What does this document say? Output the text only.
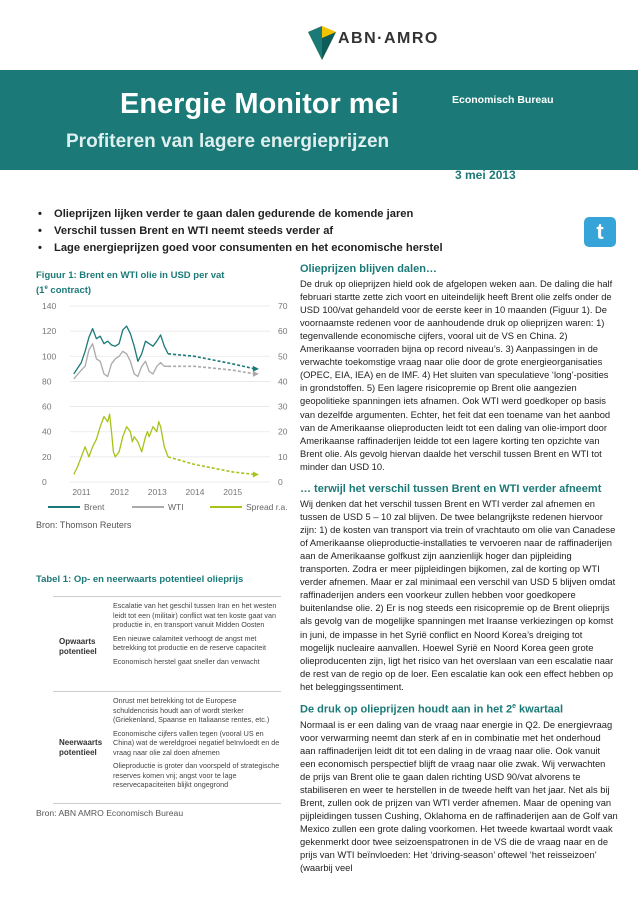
ABN·AMRO
Energie Monitor mei
Profiteren van lagere energieprijzen
Economisch Bureau
3 mei 2013
• Olieprijzen lijken verder te gaan dalen gedurende de komende jaren
• Verschil tussen Brent en WTI neemt steeds verder af
• Lage energieprijzen goed voor consumenten en het economische herstel
t
Figuur 1: Brent en WTI olie in USD per vat
(1e contract)
0	0
20	10
40	20
60	30
80	40
100	50
120	60
140	70
2011 2012 2013 2014 2015
Brent	WTI	Spread r.a.
Bron: Thomson Reuters
Tabel 1: Op- en neerwaarts potentieel olieprijs
Opwaarts
potentieel

Escalatie van het geschil tussen Iran en het westen leidt tot een (militair) conflict wat ten koste gaat van productie in, en transport vanuit Midden Oosten

Een nieuwe calamiteit verhoogt de angst met betrekking tot productie en de reserve capaciteit

Economisch herstel gaat sneller dan verwacht

Neerwaarts
potentieel

Onrust met betrekking tot de Europese schuldencrisis houdt aan of wordt sterker (Griekenland, Spaanse en Italiaanse rentes, etc.)

Economische cijfers vallen tegen (vooral US en China) wat de wereldgroei negatief beïnvloedt en de vraag naar olie zal doen afnemen

Olieproductie is groter dan voorspeld of strategische reserves komen vrij; angst voor te lage reservecapaciteiten blijkt ongegrond

Bron: ABN AMRO Economisch Bureau
Olieprijzen blijven dalen…
De druk op olieprijzen hield ook de afgelopen weken aan. De daling die half februari startte zette zich voort en uiteindelijk heeft Brent olie zelfs onder de USD 100/vat gehandeld voor de eerste keer in 10 maanden (Figuur 1). De voornaamste redenen voor de aanhoudende druk op olieprijzen waren: 1) tegenvallende economische cijfers, vooral uit de VS en China. 2) Amerikaanse voorraden bijna op record niveau’s. 3) Aanpassingen in de verwachte toekomstige vraag naar olie door de grote energieorganisaties (OPEC, EIA, IEA) en de IMF. 4) Het sluiten van speculatieve ‘long’-posities in grondstoffen. 5) Een lagere risicopremie op Brent olie aangezien geopolitieke spanningen iets afnamen. Ook WTI werd goedkoper op basis van dezelfde argumenten. Echter, het feit dat een toename van het aanbod van de Amerikaanse olieproducten leidt tot een daling van olie-import door Amerikaanse raffinaderijen leidde tot een lagere korting ten opzichte van Brent olie. Als gevolg hiervan daalde het verschil tussen Brent en WTI tot minder dan USD 10.
… terwijl het verschil tussen Brent en WTI verder afneemt
Wij denken dat het verschil tussen Brent en WTI verder zal afnemen en tussen de USD 5 – 10 zal blijven. De twee belangrijkste redenen hiervoor zijn: 1) de kosten van transport via trein of vrachtauto om olie van Canadese of Amerikaanse olieproductie-installaties te vervoeren naar de raffinaderijen aan de Amerikaanse golfkust zijn aanzienlijk hoger dan pijpleiding transporten. Zodra er meer pijpleidingen bijkomen, zal de korting op WTI verder afnemen. Maar er zal minimaal een verschil van USD 5 blijven omdat raffinaderijen anders een voorkeur zullen hebben voor goedkopere buitenlandse olie. 2) Er is nog steeds een risicopremie op de Brent olieprijs als gevolg van de mogelijke spanningen met Iraanse verkiezingen op komst in juni, de impasse in het Syrië conflict en Noord Korea’s dreiging tot mogelijk nucleaire aanvallen. Hoewel Syrië en Noord Korea geen grote olieproducenten zijn, ligt het risico van het overslaan van een escalatie naar de rest van de regio op de loer. Een escalatie kan ook een effect hebben op het beleggingssentiment.
De druk op olieprijzen houdt aan in het 2e kwartaal
Normaal is er een daling van de vraag naar energie in Q2. De energievraag voor verwarming neemt dan sterk af en in combinatie met het onderhoud aan raffinaderijen leidt dit tot een daling in de vraag naar olie. Ook vanuit een economisch perspectief blijft de vraag naar olie zwak. Wij verwachten de prijs van Brent olie te gaan dalen richting USD 90/vat alvorens te stabiliseren en weer te herstellen in de tweede helft van het jaar. Net als bij Brent, zullen ook de prijzen van WTI verder afnemen. Maar de opening van pijpleidingen tussen Cushing, Oklahoma en de raffinaderijen aan de Golf van Mexico zullen een grote daling voorkomen. Het tweede kwartaal wordt vaak gekenmerkt door twee seizoenspatronen in de VS die de vraag naar en de prijs van WTI beïnvloeden: Het ‘driving-season’ oftewel ‘het reisseizoen’ (waarbij veel
